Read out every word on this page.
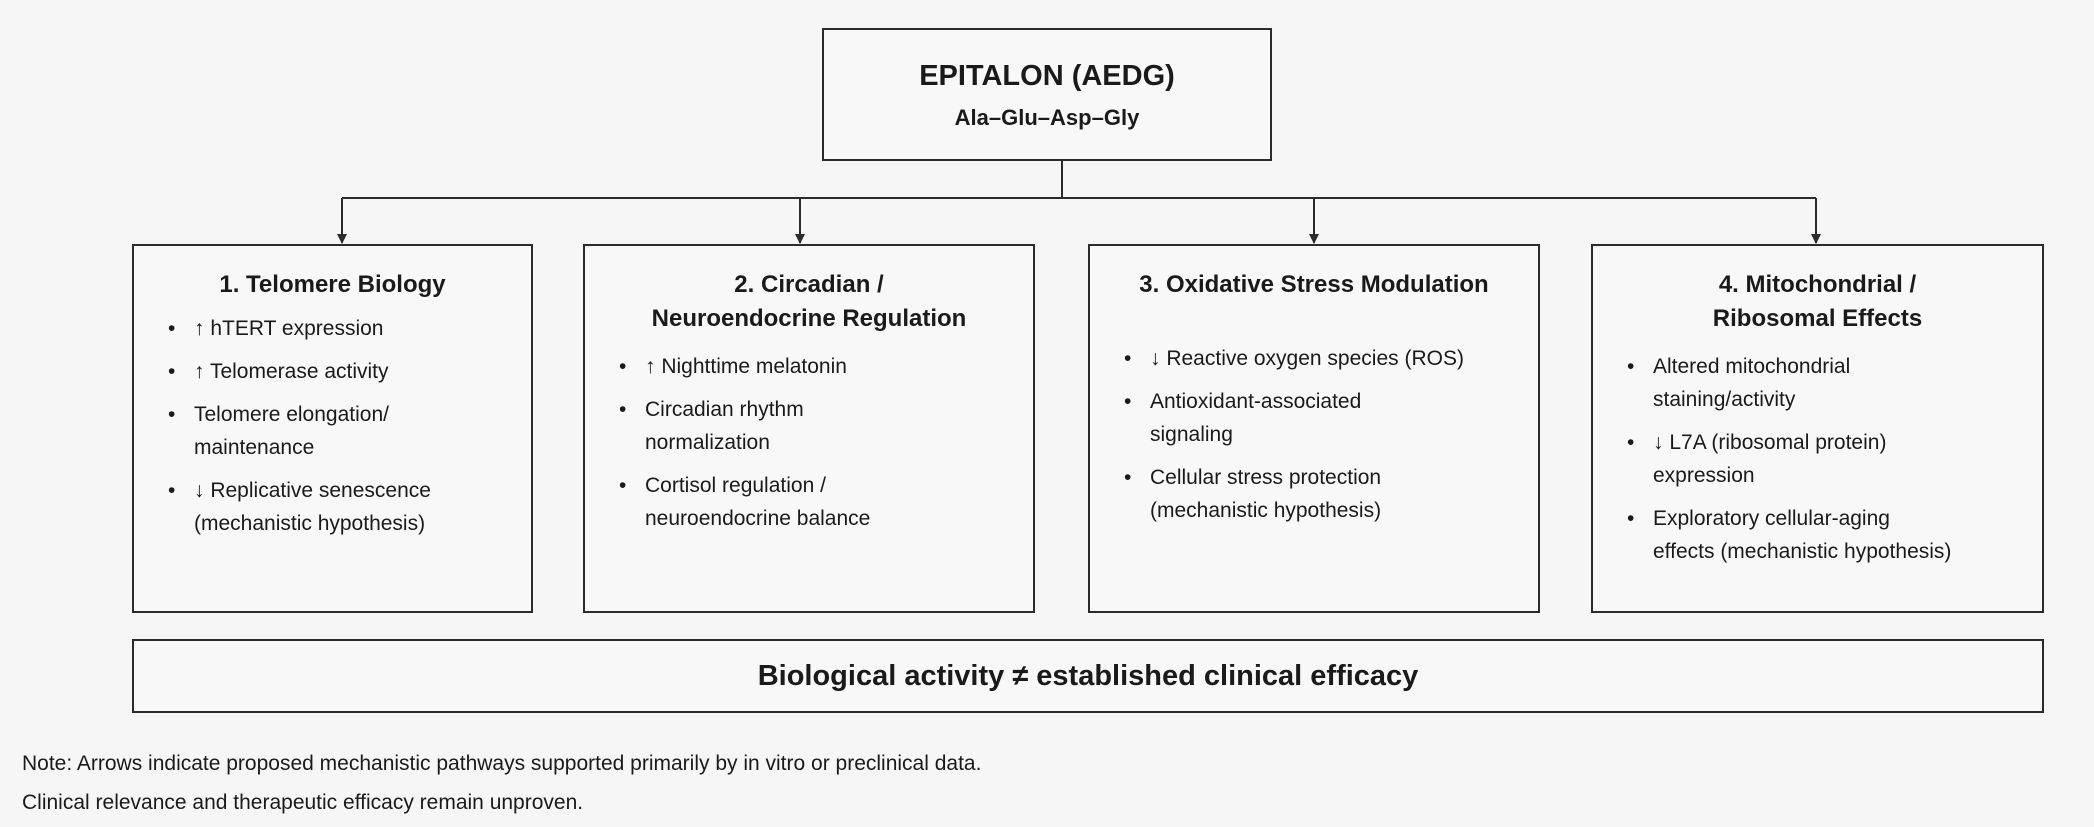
EPITALON (AEDG)
Ala–Glu–Asp–Gly
1. Telomere Biology
• ↑ hTERT expression
• ↑ Telomerase activity
• Telomere elongation/
maintenance
• ↓ Replicative senescence
(mechanistic hypothesis)
2. Circadian /
Neuroendocrine Regulation
• ↑ Nighttime melatonin
• Circadian rhythm
normalization
• Cortisol regulation /
neuroendocrine balance
3. Oxidative Stress Modulation
• ↓ Reactive oxygen species (ROS)
• Antioxidant-associated
signaling
• Cellular stress protection
(mechanistic hypothesis)
4. Mitochondrial /
Ribosomal Effects
• Altered mitochondrial
staining/activity
• ↓ L7A (ribosomal protein)
expression
• Exploratory cellular-aging
effects (mechanistic hypothesis)
Biological activity ≠ established clinical efficacy
Note: Arrows indicate proposed mechanistic pathways supported primarily by in vitro or preclinical data.
Clinical relevance and therapeutic efficacy remain unproven.
